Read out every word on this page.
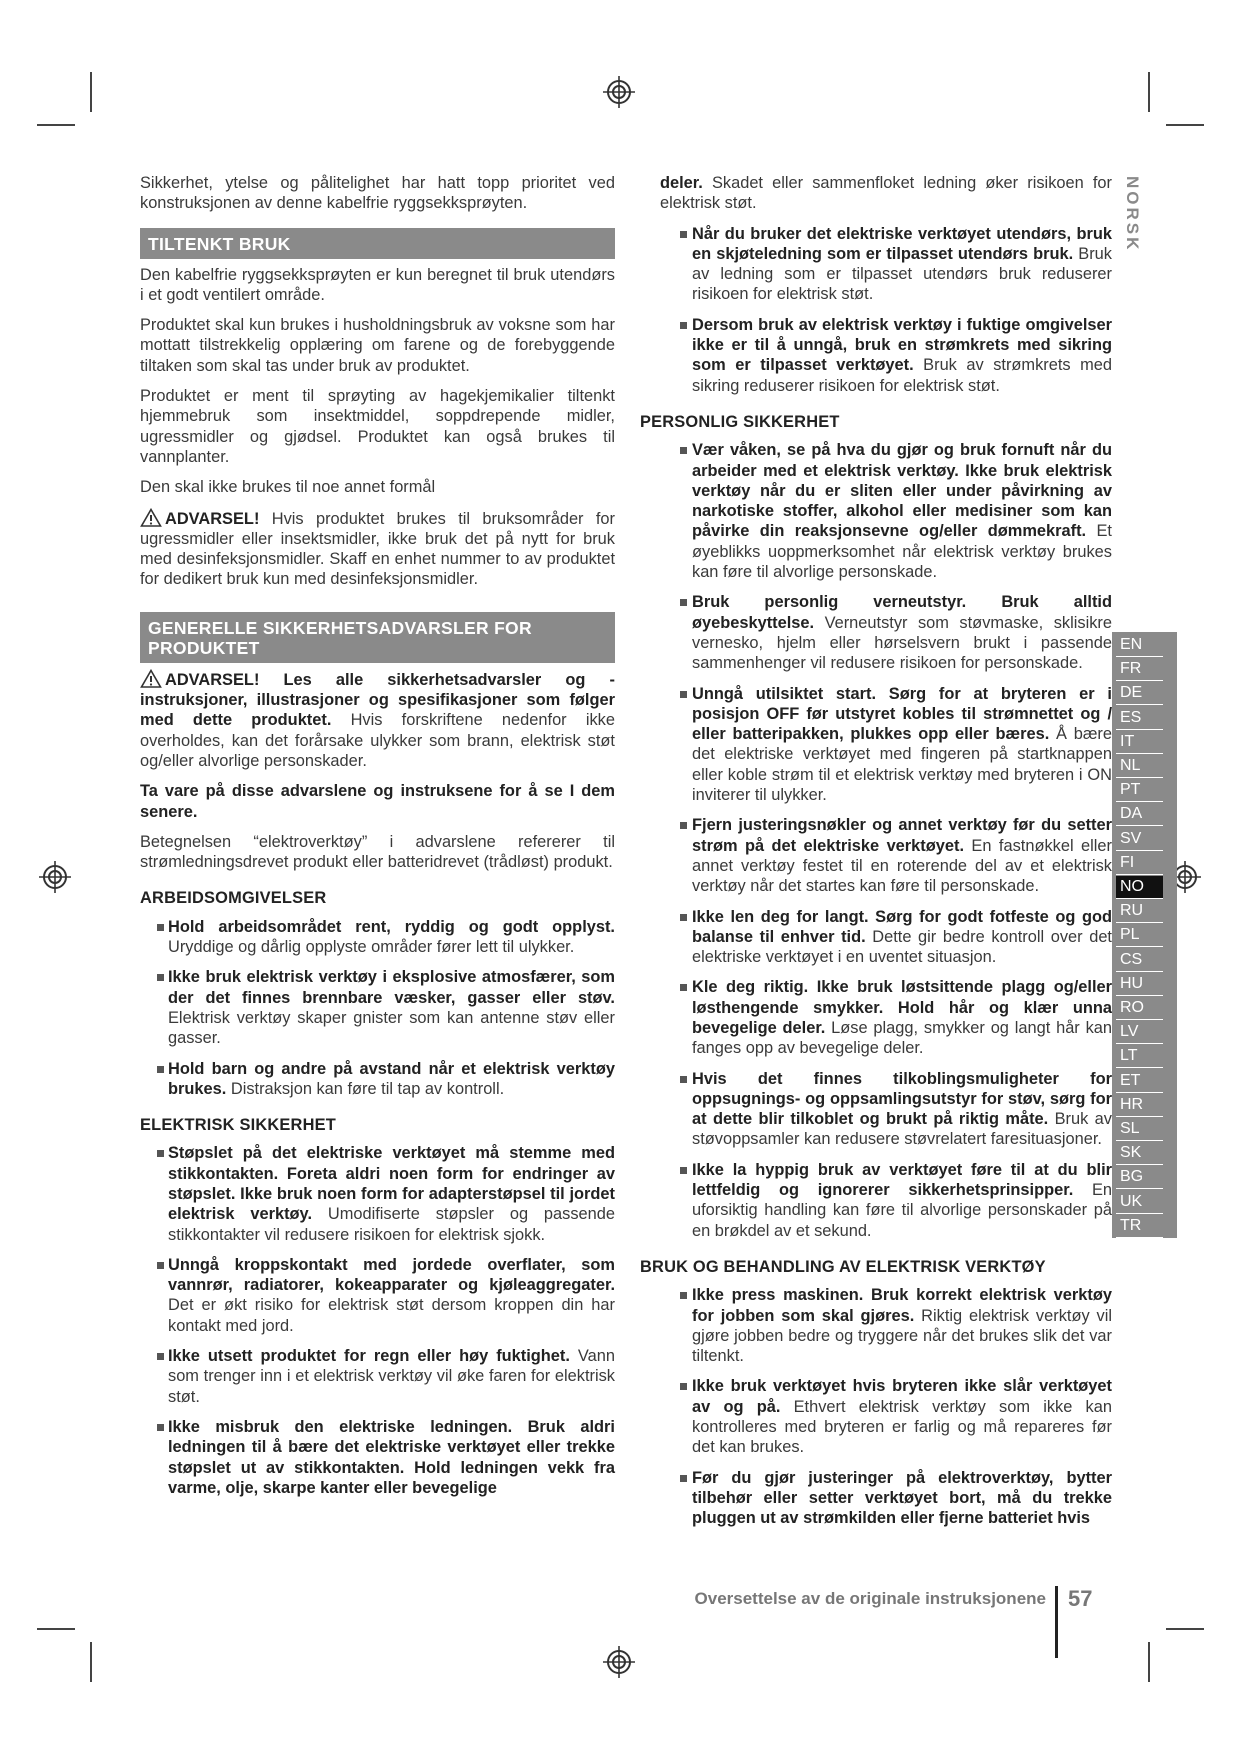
Sikkerhet, ytelse og pålitelighet har hatt topp prioritet ved konstruksjonen av denne kabelfrie ryggsekksprøyten.

TILTENKT BRUK

Den kabelfrie ryggsekksprøyten er kun beregnet til bruk utendørs i et godt ventilert område.

Produktet skal kun brukes i husholdningsbruk av voksne som har mottatt tilstrekkelig opplæring om farene og de forebyggende tiltaken som skal tas under bruk av produktet.

Produktet er ment til sprøyting av hagekjemikalier tiltenkt hjemmebruk som insektmiddel, soppdrepende midler, ugressmidler og gjødsel. Produktet kan også brukes til vannplanter.

Den skal ikke brukes til noe annet formål

ADVARSEL! Hvis produktet brukes til bruksområder for ugressmidler eller insektsmidler, ikke bruk det på nytt for bruk med desinfeksjonsmidler. Skaff en enhet nummer to av produktet for dedikert bruk kun med desinfeksjonsmidler.

GENERELLE SIKKERHETSADVARSLER FOR PRODUKTET

ADVARSEL! Les alle sikkerhetsadvarsler og -instruksjoner, illustrasjoner og spesifikasjoner som følger med dette produktet. Hvis forskriftene nedenfor ikke overholdes, kan det forårsake ulykker som brann, elektrisk støt og/eller alvorlige personskader.

Ta vare på disse advarslene og instruksene for å se I dem senere.

Betegnelsen “elektroverktøy” i advarslene refererer til strømledningsdrevet produkt eller batteridrevet (trådløst) produkt.

ARBEIDSOMGIVELSER
Hold arbeidsområdet rent, ryddig og godt opplyst. Uryddige og dårlig opplyste områder fører lett til ulykker.
Ikke bruk elektrisk verktøy i eksplosive atmosfærer, som der det finnes brennbare væsker, gasser eller støv. Elektrisk verktøy skaper gnister som kan antenne støv eller gasser.
Hold barn og andre på avstand når et elektrisk verktøy brukes. Distraksjon kan føre til tap av kontroll.
ELEKTRISK SIKKERHET
Støpslet på det elektriske verktøyet må stemme med stikkontakten. Foreta aldri noen form for endringer av støpslet. Ikke bruk noen form for adapterstøpsel til jordet elektrisk verktøy. Umodifiserte støpsler og passende stikkontakter vil redusere risikoen for elektrisk sjokk.
Unngå kroppskontakt med jordede overflater, som vannrør, radiatorer, kokeapparater og kjøleaggregater. Det er økt risiko for elektrisk støt dersom kroppen din har kontakt med jord.
Ikke utsett produktet for regn eller høy fuktighet. Vann som trenger inn i et elektrisk verktøy vil øke faren for elektrisk støt.
Ikke misbruk den elektriske ledningen. Bruk aldri ledningen til å bære det elektriske verktøyet eller trekke støpslet ut av stikkontakten. Hold ledningen vekk fra varme, olje, skarpe kanter eller bevegelige

deler. Skadet eller sammenfloket ledning øker risikoen for elektrisk støt.

Når du bruker det elektriske verktøyet utendørs, bruk en skjøteledning som er tilpasset utendørs bruk. Bruk av ledning som er tilpasset utendørs bruk reduserer risikoen for elektrisk støt.
Dersom bruk av elektrisk verktøy i fuktige omgivelser ikke er til å unngå, bruk en strømkrets med sikring som er tilpasset verktøyet. Bruk av strømkrets med sikring reduserer risikoen for elektrisk støt.
PERSONLIG SIKKERHET
Vær våken, se på hva du gjør og bruk fornuft når du arbeider med et elektrisk verktøy. Ikke bruk elektrisk verktøy når du er sliten eller under påvirkning av narkotiske stoffer, alkohol eller medisiner som kan påvirke din reaksjonsevne og/eller dømmekraft. Et øyeblikks uoppmerksomhet når elektrisk verktøy brukes kan føre til alvorlige personskade.
Bruk personlig verneutstyr. Bruk alltid øyebeskyttelse. Verneutstyr som støvmaske, sklisikre vernesko, hjelm eller hørselsvern brukt i passende sammenhenger vil redusere risikoen for personskade.
Unngå utilsiktet start. Sørg for at bryteren er i posisjon OFF før utstyret kobles til strømnettet og / eller batteripakken, plukkes opp eller bæres. Å bære det elektriske verktøyet med fingeren på startknappen eller koble strøm til et elektrisk verktøy med bryteren i ON inviterer til ulykker.
Fjern justeringsnøkler og annet verktøy før du setter strøm på det elektriske verktøyet. En fastnøkkel eller annet verktøy festet til en roterende del av et elektrisk verktøy når det startes kan føre til personskade.
Ikke len deg for langt. Sørg for godt fotfeste og god balanse til enhver tid. Dette gir bedre kontroll over det elektriske verktøyet i en uventet situasjon.
Kle deg riktig. Ikke bruk løstsittende plagg og/eller løsthengende smykker. Hold hår og klær unna bevegelige deler. Løse plagg, smykker og langt hår kan fanges opp av bevegelige deler.
Hvis det finnes tilkoblingsmuligheter for oppsugnings- og oppsamlingsutstyr for støv, sørg for at dette blir tilkoblet og brukt på riktig måte. Bruk av støvoppsamler kan redusere støvrelatert faresituasjoner.
Ikke la hyppig bruk av verktøyet føre til at du blir lettfeldig og ignorerer sikkerhetsprinsipper. En uforsiktig handling kan føre til alvorlige personskader på en brøkdel av et sekund.
BRUK OG BEHANDLING AV ELEKTRISK VERKTØY
Ikke press maskinen. Bruk korrekt elektrisk verktøy for jobben som skal gjøres. Riktig elektrisk verktøy vil gjøre jobben bedre og tryggere når det brukes slik det var tiltenkt.
Ikke bruk verktøyet hvis bryteren ikke slår verktøyet av og på. Ethvert elektrisk verktøy som ikke kan kontrolleres med bryteren er farlig og må repareres før det kan brukes.
Før du gjør justeringer på elektroverktøy, bytter tilbehør eller setter verktøyet bort, må du trekke pluggen ut av strømkilden eller fjerne batteriet hvis
NORSK
EN
FR
DE
ES
IT
NL
PT
DA
SV
FI
NO
RU
PL
CS
HU
RO
LV
LT
ET
HR
SL
SK
BG
UK
TR
Oversettelse av de originale instruksjonene 57
